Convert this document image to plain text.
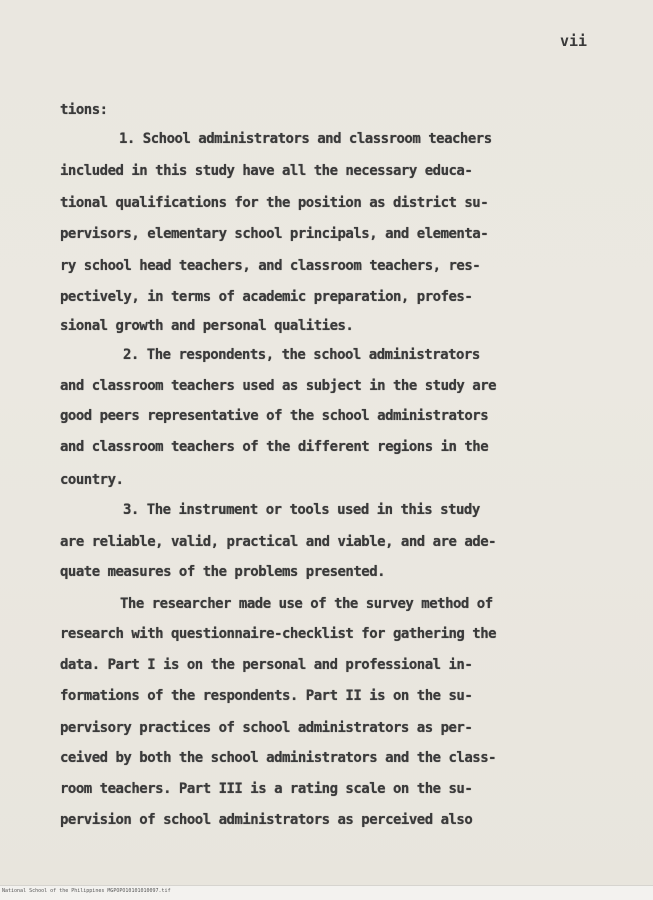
vii
tions:
1. School administrators and classroom teachers
included in this study have all the necessary educa-
tional qualifications for the position as district su-
pervisors, elementary school principals, and elementa-
ry school head teachers, and classroom teachers, res-
pectively, in terms of academic preparation, profes-
sional growth and personal qualities.
2. The respondents, the school administrators
and classroom teachers used as subject in the study are
good peers representative of the school administrators
and classroom teachers of the different regions in the
country.
3. The instrument or tools used in this study
are reliable, valid, practical and viable, and are ade-
quate measures of the problems presented.
The researcher made use of the survey method of
research with questionnaire-checklist for gathering the
data. Part I is on the personal and professional in-
formations of the respondents. Part II is on the su-
pervisory practices of school administrators as per-
ceived by both the school administrators and the class-
room teachers. Part III is a rating scale on the su-
pervision of school administrators as perceived also
National School of the Philippines MGPOPO10101010097.tif
